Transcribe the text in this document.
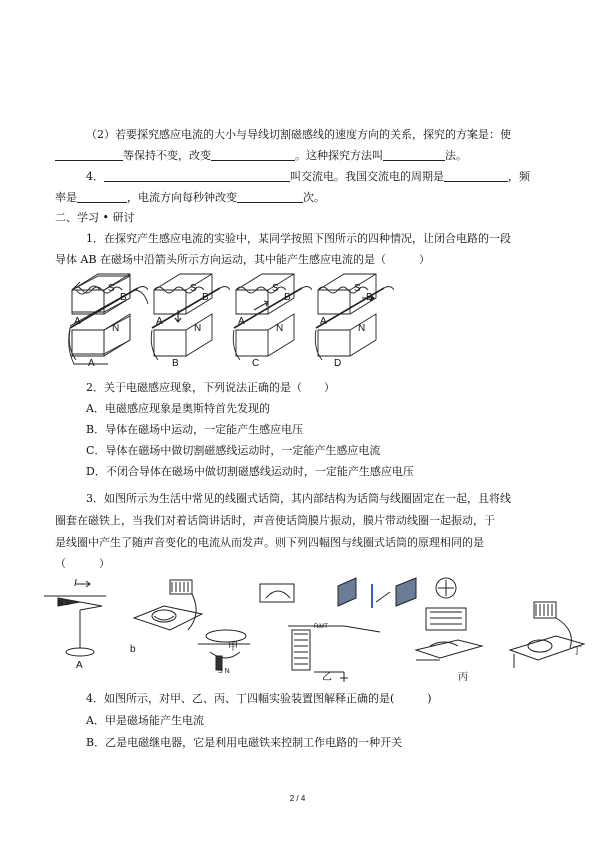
（2）若要探究感应电流的大小与导线切割磁感线的速度方向的关系，探究的方案是：使
等保持不变，改变	。这种探究方法叫	法。
4．	叫交流电。我国交流电的周期是	，频
率是	，电流方向每秒钟改变	次。
二、学习 • 研讨
1．在探究产生感应电流的实验中，某同学按照下图所示的四种情况，让闭合电路的一段
导体 AB 在磁场中沿箭头所示方向运动，其中能产生感应电流的是（　　　）
S
B
A
N
S
B
A
N
S
B
A
N
S
B
A
N
A	B	C	D
2．关于电磁感应现象，下列说法正确的是（　　）
A．电磁感应现象是奥斯特首先发现的
B．导体在磁场中运动，一定能产生感应电压
C．导体在磁场中做切割磁感线运动时，一定能产生感应电流
D．不闭合导体在磁场中做切割磁感线运动时，一定能产生感应电压
3．如图所示为生活中常见的线圈式话筒，其内部结构为话筒与线圈固定在一起，且将线
圈套在磁铁上，当我们对着话筒讲话时，声音使话筒膜片振动，膜片带动线圈一起振动，于
是线圈中产生了随声音变化的电流从而发声。则下列四幅图与线圈式话筒的原理相同的是
（　　　）
I
N S
A
b
S N
甲
R∂∂T
乙	丙
丁
4．如图所示，对甲、乙、丙、丁四幅实验装置图解释正确的是(　　　)
A．甲是磁场能产生电流
B．乙是电磁继电器，它是利用电磁铁来控制工作电路的一种开关
2 / 4
